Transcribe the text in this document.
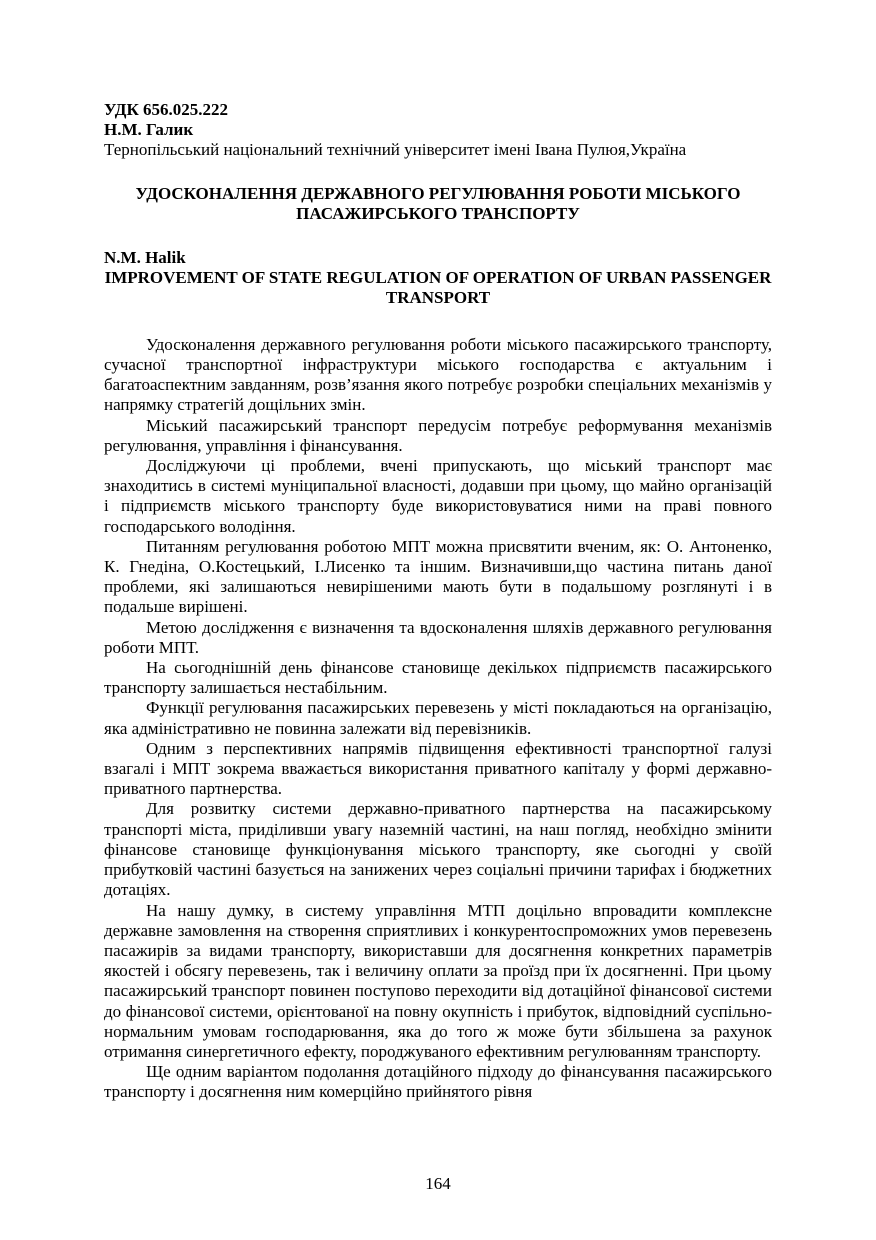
УДК 656.025.222

Н.М. Галик

Тернопільський національний технічний університет імені Івана Пулюя,Україна

УДОСКОНАЛЕННЯ ДЕРЖАВНОГО РЕГУЛЮВАННЯ РОБОТИ МІСЬКОГО ПАСАЖИРСЬКОГО ТРАНСПОРТУ
N.M. Halik
IMPROVEMENT OF STATE REGULATION OF OPERATION OF URBAN PASSENGER TRANSPORT

Удосконалення державного регулювання роботи міського пасажирського транспорту, сучасної транспортної інфраструктури міського господарства є актуальним і багатоаспектним завданням, розв’язання якого потребує розробки спеціальних механізмів у напрямку стратегій дощільних змін.

Міський пасажирський транспорт передусім потребує реформування механізмів регулювання, управління і фінансування.

Досліджуючи ці проблеми, вчені припускають, що міський транспорт має знаходитись в системі муніципальної власності, додавши при цьому, що майно організацій і підприємств міського транспорту буде використовуватися ними на праві повного господарського володіння.

Питанням регулювання роботою МПТ можна присвятити вченим, як: О. Антоненко, К. Гнедіна, О.Костецький, І.Лисенко та іншим. Визначивши,що частина питань даної проблеми, які залишаються невирішеними мають бути в подальшому розглянуті і в подальше вирішені.

Метою дослідження є визначення та вдосконалення шляхів державного регулювання роботи МПТ.

На сьогоднішній день фінансове становище декількох підприємств пасажирського транспорту залишається нестабільним.

Функції регулювання пасажирських перевезень у місті покладаються на організацію, яка адміністративно не повинна залежати від перевізників.

Одним з перспективних напрямів підвищення ефективності транспортної галузі взагалі і МПТ зокрема вважається використання приватного капіталу у формі державно-приватного партнерства.

Для розвитку системи державно-приватного партнерства на пасажирському транспорті міста, приділивши увагу наземній частині, на наш погляд, необхідно змінити фінансове становище функціонування міського транспорту, яке сьогодні у своїй прибутковій частині базується на занижених через соціальні причини тарифах і бюджетних дотаціях.

На нашу думку, в систему управління МТП доцільно впровадити комплексне державне замовлення на створення сприятливих і конкурентоспроможних умов перевезень пасажирів за видами транспорту, використавши для досягнення конкретних параметрів якостей і обсягу перевезень, так і величину оплати за проїзд при їх досягненні. При цьому пасажирський транспорт повинен поступово переходити від дотаційної фінансової системи до фінансової системи, орієнтованої на повну окупність і прибуток, відповідний суспільно-нормальним умовам господарювання, яка до того ж може бути збільшена за рахунок отримання синергетичного ефекту, породжуваного ефективним регулюванням транспорту.

Ще одним варіантом подолання дотаційного підходу до фінансування пасажирського транспорту і досягнення ним комерційно прийнятого рівня

164
